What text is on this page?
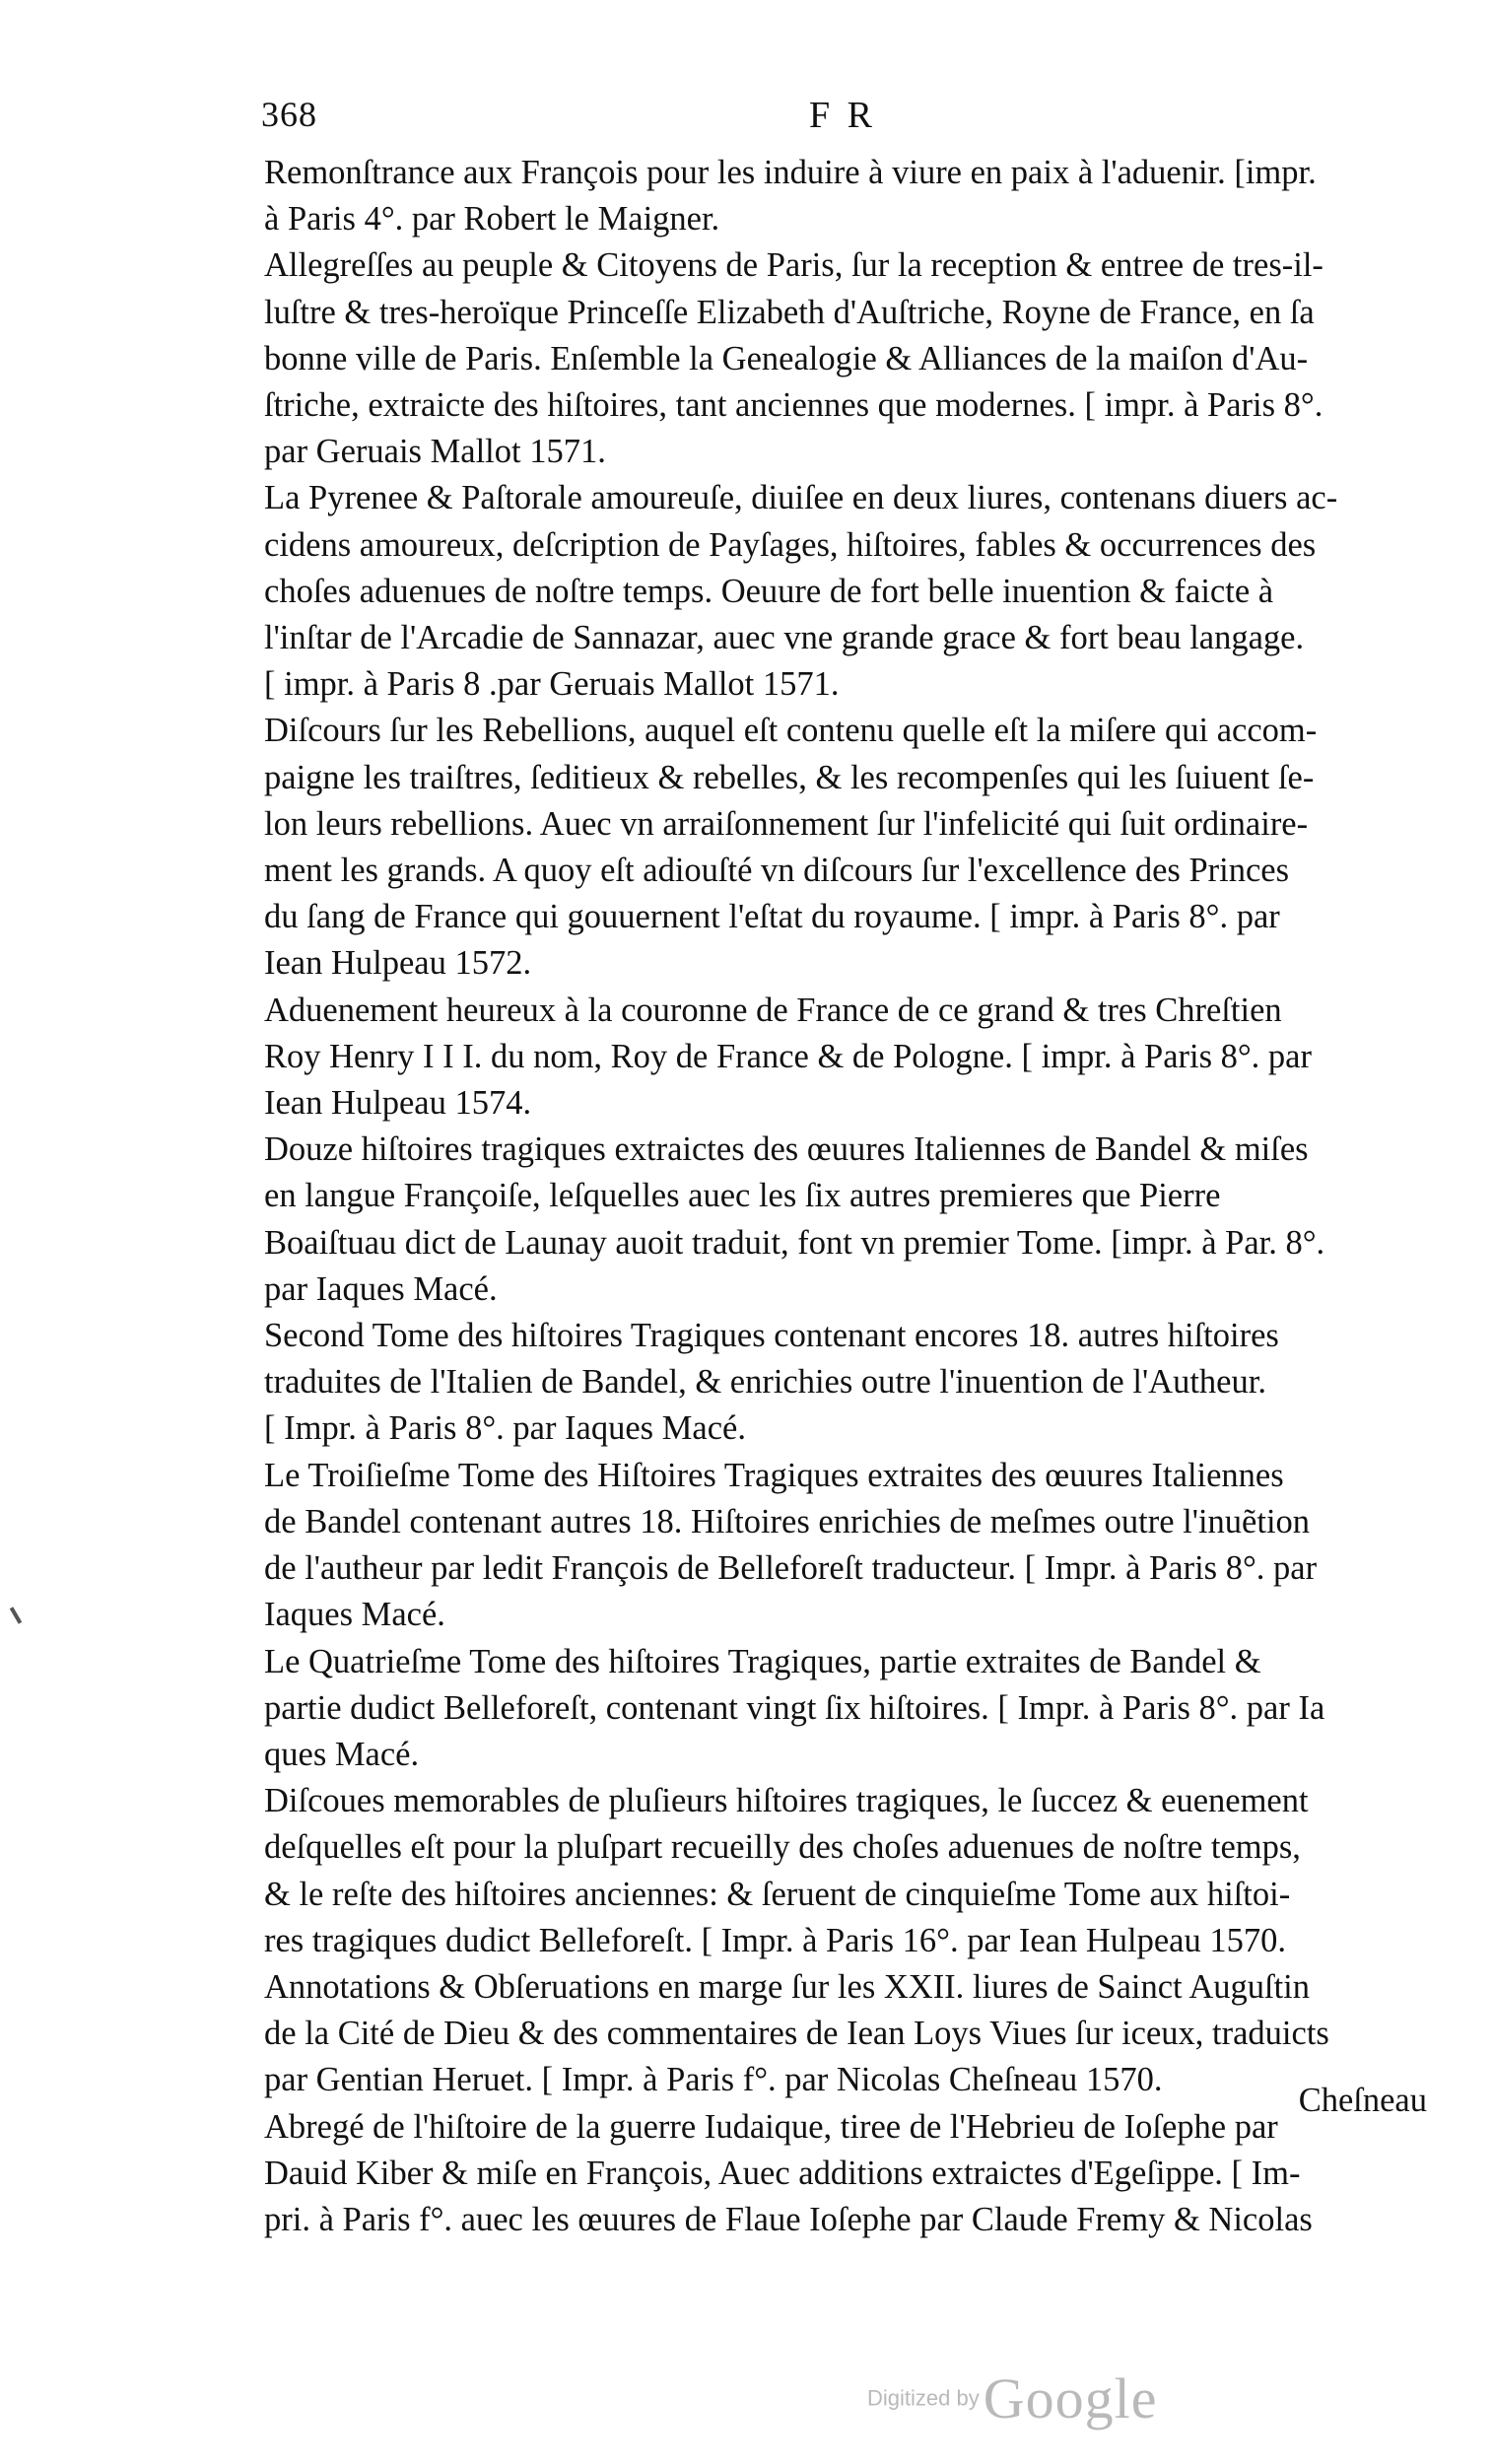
368	F R

Remonſtrance aux François pour les induire à viure en paix à l'aduenir. [impr.
à Paris 4°. par Robert le Maigner.

Allegreſſes au peuple & Citoyens de Paris, ſur la reception & entree de tres-il-
luſtre & tres-heroïque Princeſſe Elizabeth d'Auſtriche, Royne de France, en ſa
bonne ville de Paris. Enſemble la Genealogie & Alliances de la maiſon d'Au-
ſtriche, extraicte des hiſtoires, tant anciennes que modernes. [ impr. à Paris 8°.
par Geruais Mallot 1571.

La Pyrenee & Paſtorale amoureuſe, diuiſee en deux liures, contenans diuers ac-
cidens amoureux, deſcription de Payſages, hiſtoires, fables & occurrences des
choſes aduenues de noſtre temps. Oeuure de fort belle inuention & faicte à
l'inſtar de l'Arcadie de Sannazar, auec vne grande grace & fort beau langage.
[ impr. à Paris 8 .par Geruais Mallot 1571.

Diſcours ſur les Rebellions, auquel eſt contenu quelle eſt la miſere qui accom-
paigne les traiſtres, ſeditieux & rebelles, & les recompenſes qui les ſuiuent ſe-
lon leurs rebellions. Auec vn arraiſonnement ſur l'infelicité qui ſuit ordinaire-
ment les grands. A quoy eſt adiouſté vn diſcours ſur l'excellence des Princes
du ſang de France qui gouuernent l'eſtat du royaume. [ impr. à Paris 8°. par
Iean Hulpeau 1572.

Aduenement heureux à la couronne de France de ce grand & tres Chreſtien
Roy Henry I I I. du nom, Roy de France & de Pologne. [ impr. à Paris 8°. par
Iean Hulpeau 1574.

Douze hiſtoires tragiques extraictes des œuures Italiennes de Bandel & miſes
en langue Françoiſe, leſquelles auec les ſix autres premieres que Pierre
Boaiſtuau dict de Launay auoit traduit, font vn premier Tome. [impr. à Par. 8°.
par Iaques Macé.

Second Tome des hiſtoires Tragiques contenant encores 18. autres hiſtoires
traduites de l'Italien de Bandel, & enrichies outre l'inuention de l'Autheur.
[ Impr. à Paris 8°. par Iaques Macé.

Le Troiſieſme Tome des Hiſtoires Tragiques extraites des œuures Italiennes
de Bandel contenant autres 18. Hiſtoires enrichies de meſmes outre l'inuẽtion
de l'autheur par ledit François de Belleforeſt traducteur. [ Impr. à Paris 8°. par
Iaques Macé.

Le Quatrieſme Tome des hiſtoires Tragiques, partie extraites de Bandel &
partie dudict Belleforeſt, contenant vingt ſix hiſtoires. [ Impr. à Paris 8°. par Ia
ques Macé.

Diſcoues memorables de pluſieurs hiſtoires tragiques, le ſuccez & euenement
deſquelles eſt pour la pluſpart recueilly des choſes aduenues de noſtre temps,
& le reſte des hiſtoires anciennes: & ſeruent de cinquieſme Tome aux hiſtoi-
res tragiques dudict Belleforeſt. [ Impr. à Paris 16°. par Iean Hulpeau 1570.

Annotations & Obſeruations en marge ſur les XXII. liures de Sainct Auguſtin
de la Cité de Dieu & des commentaires de Iean Loys Viues ſur iceux, traduicts
par Gentian Heruet. [ Impr. à Paris f°. par Nicolas Cheſneau 1570.

Abregé de l'hiſtoire de la guerre Iudaique, tiree de l'Hebrieu de Ioſephe par
Dauid Kiber & miſe en François, Auec additions extraictes d'Egeſippe. [ Im-
pri. à Paris f°. auec les œuures de Flaue Ioſephe par Claude Fremy & Nicolas

Cheſneau
Digitized by Google
